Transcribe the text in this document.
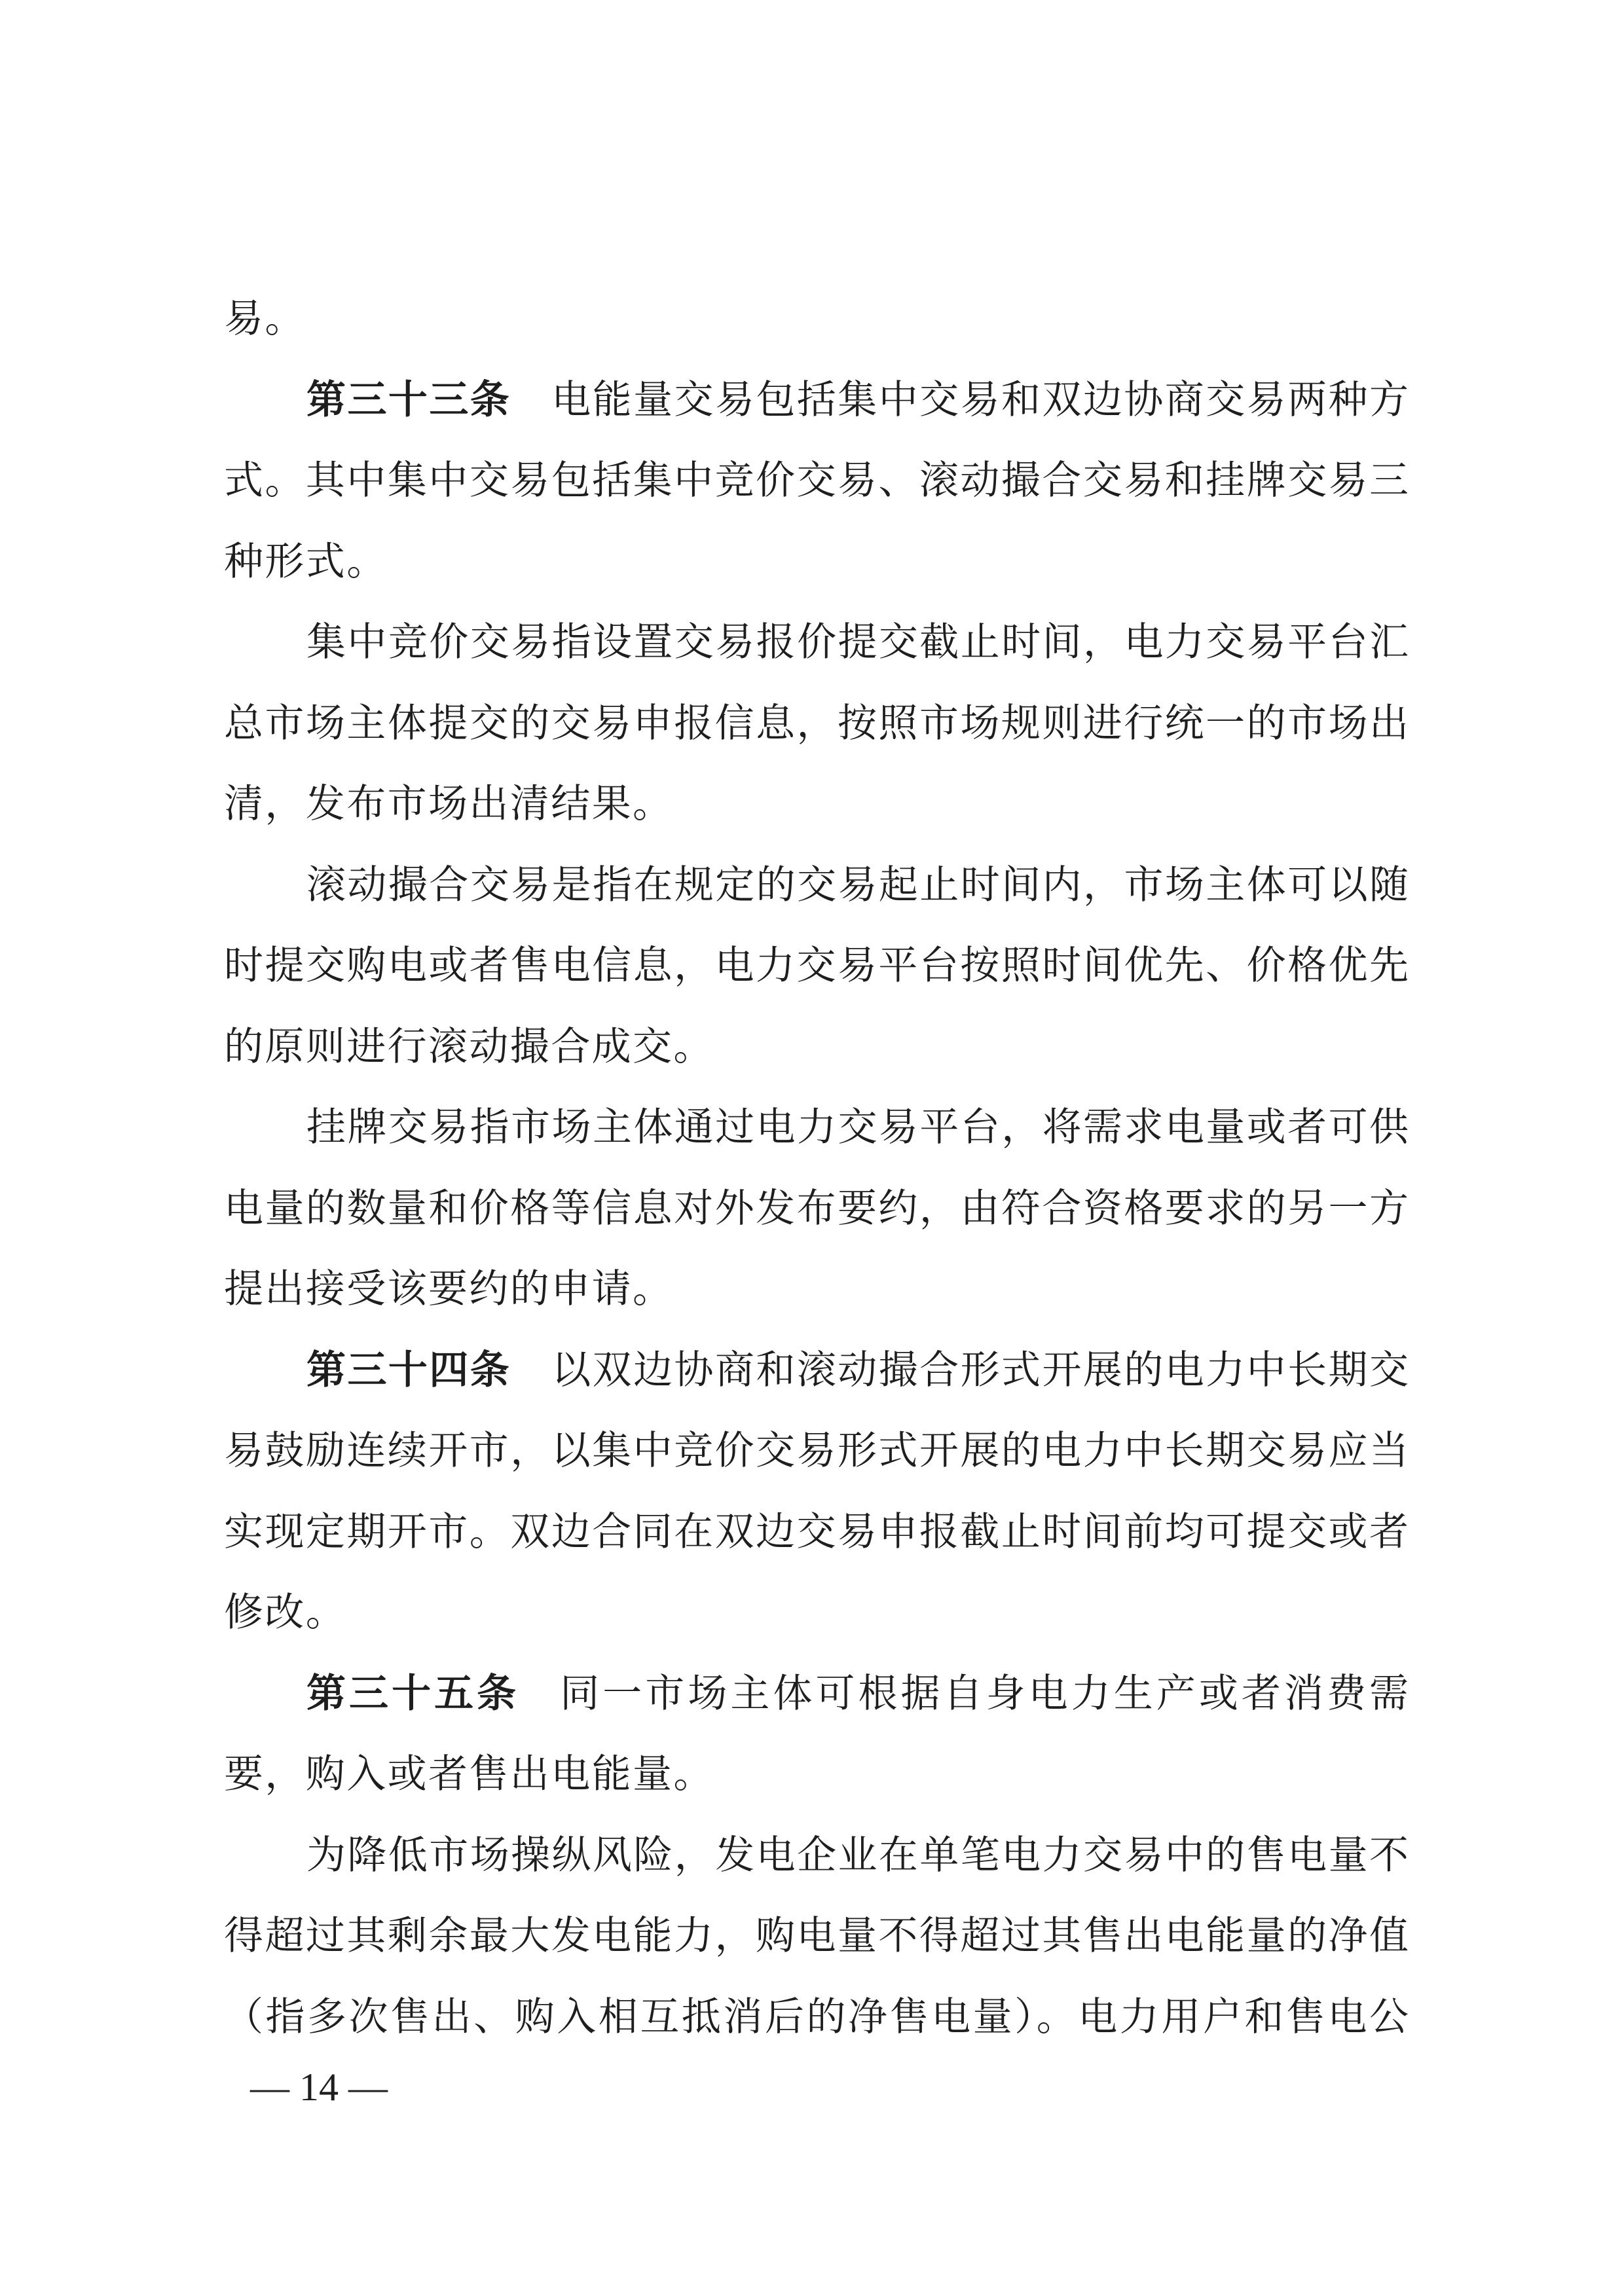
易。
第三十三条 电能量交易包括集中交易和双边协商交易两种方
式。其中集中交易包括集中竞价交易、滚动撮合交易和挂牌交易三
种形式。
集中竞价交易指设置交易报价提交截止时间，电力交易平台汇
总市场主体提交的交易申报信息，按照市场规则进行统一的市场出
清，发布市场出清结果。
滚动撮合交易是指在规定的交易起止时间内，市场主体可以随
时提交购电或者售电信息，电力交易平台按照时间优先、价格优先
的原则进行滚动撮合成交。
挂牌交易指市场主体通过电力交易平台，将需求电量或者可供
电量的数量和价格等信息对外发布要约，由符合资格要求的另一方
提出接受该要约的申请。
第三十四条 以双边协商和滚动撮合形式开展的电力中长期交
易鼓励连续开市，以集中竞价交易形式开展的电力中长期交易应当
实现定期开市。双边合同在双边交易申报截止时间前均可提交或者
修改。
第三十五条 同一市场主体可根据自身电力生产或者消费需
要，购入或者售出电能量。
为降低市场操纵风险，发电企业在单笔电力交易中的售电量不
得超过其剩余最大发电能力，购电量不得超过其售出电能量的净值
（指多次售出、购入相互抵消后的净售电量）。电力用户和售电公
— 14 —
